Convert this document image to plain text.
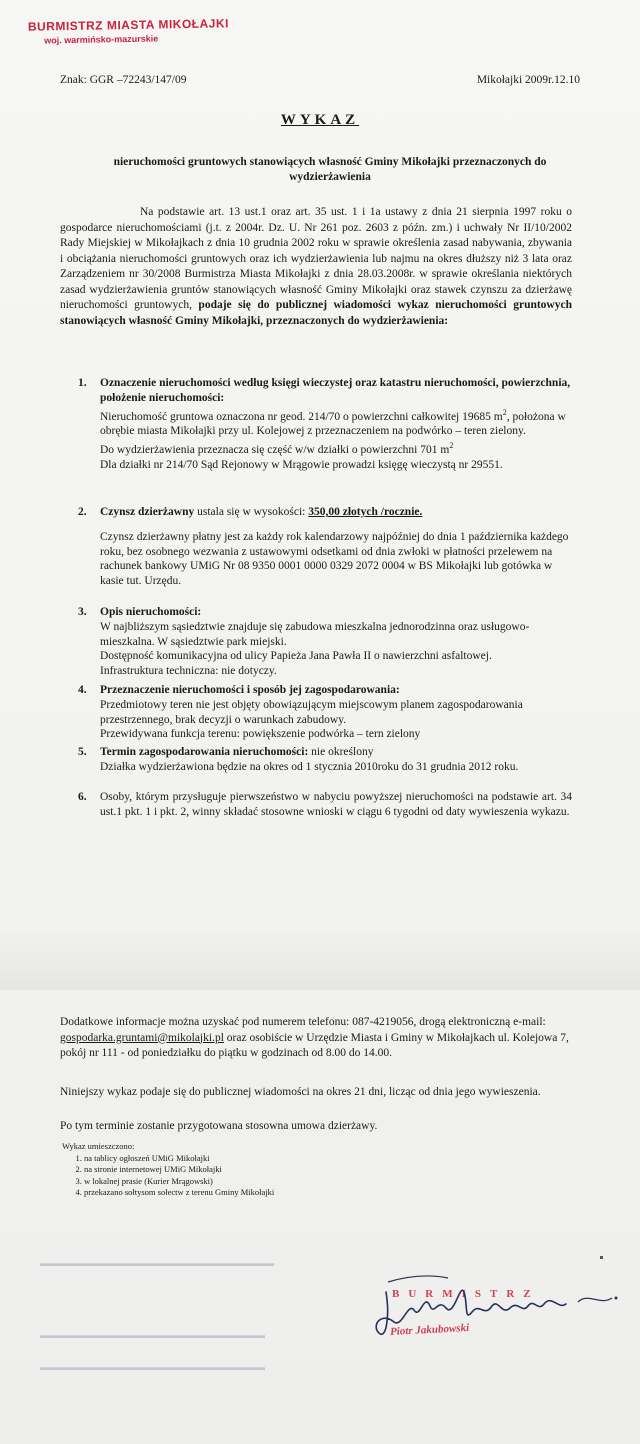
BURMISTRZ MIASTA MIKOŁAJKI
woj. warmińsko-mazurskie
Znak: GGR –72243/147/09	Mikołajki 2009r.12.10
WYKAZ
nieruchomości gruntowych stanowiących własność Gminy Mikołajki przeznaczonych do wydzierżawienia

Na podstawie art. 13 ust.1 oraz art. 35 ust. 1 i 1a ustawy z dnia 21 sierpnia 1997 roku o gospodarce nieruchomościami (j.t. z 2004r. Dz. U. Nr 261 poz. 2603 z późn. zm.) i uchwały Nr II/10/2002 Rady Miejskiej w Mikołajkach z dnia 10 grudnia 2002 roku w sprawie określenia zasad nabywania, zbywania i obciążania nieruchomości gruntowych oraz ich wydzierżawienia lub najmu na okres dłuższy niż 3 lata oraz Zarządzeniem nr 30/2008 Burmistrza Miasta Mikołajki z dnia 28.03.2008r. w sprawie określania niektórych zasad wydzierżawienia gruntów stanowiących własność Gminy Mikołajki oraz stawek czynszu za dzierżawę nieruchomości gruntowych, podaje się do publicznej wiadomości wykaz nieruchomości gruntowych stanowiących własność Gminy Mikołajki, przeznaczonych do wydzierżawienia:

1. Oznaczenie nieruchomości według księgi wieczystej oraz katastru nieruchomości, powierzchnia, położenie nieruchomości:

Nieruchomość gruntowa oznaczona nr geod. 214/70 o powierzchni całkowitej 19685 $m^2$, położona w obrębie miasta Mikołajki przy ul. Kolejowej z przeznaczeniem na podwórko – teren zielony.

Do wydzierżawienia przeznacza się część w/w działki o powierzchni 701 $m^2$

Dla działki nr 214/70 Sąd Rejonowy w Mrągowie prowadzi księgę wieczystą nr 29551.

2. Czynsz dzierżawny ustala się w wysokości: 350,00 złotych /rocznie.

Czynsz dzierżawny płatny jest za każdy rok kalendarzowy najpóźniej do dnia 1 października każdego roku, bez osobnego wezwania z ustawowymi odsetkami od dnia zwłoki w płatności przelewem na rachunek bankowy UMiG Nr 08 9350 0001 0000 0329 2072 0004 w BS Mikołajki lub gotówka w kasie tut. Urzędu.

3. Opis nieruchomości:

W najbliższym sąsiedztwie znajduje się zabudowa mieszkalna jednorodzinna oraz usługowo-mieszkalna. W sąsiedztwie park miejski.

Dostępność komunikacyjna od ulicy Papieża Jana Pawła II o nawierzchni asfaltowej.

Infrastruktura techniczna: nie dotyczy.

4. Przeznaczenie nieruchomości i sposób jej zagospodarowania:

Przedmiotowy teren nie jest objęty obowiązującym miejscowym planem zagospodarowania przestrzennego, brak decyzji o warunkach zabudowy.

Przewidywana funkcja terenu: powiększenie podwórka – tern zielony

5. Termin zagospodarowania nieruchomości: nie określony

Działka wydzierżawiona będzie na okres od 1 stycznia 2010roku do 31 grudnia 2012 roku.

6. Osoby, którym przysługuje pierwszeństwo w nabyciu powyższej nieruchomości na podstawie art. 34 ust.1 pkt. 1 i pkt. 2, winny składać stosowne wnioski w ciągu 6 tygodni od daty wywieszenia wykazu.

Dodatkowe informacje można uzyskać pod numerem telefonu: 087-4219056, drogą elektroniczną e-mail: gospodarka.gruntami@mikolajki.pl oraz osobiście w Urzędzie Miasta i Gminy w Mikołajkach ul. Kolejowa 7, pokój nr 111 - od poniedziałku do piątku w godzinach od 8.00 do 14.00.

Niniejszy wykaz podaje się do publicznej wiadomości na okres 21 dni, licząc od dnia jego wywieszenia.
Po tym terminie zostanie przygotowana stosowna umowa dzierżawy.
Wykaz umieszczono:
1. na tablicy ogłoszeń UMiG Mikołajki
2. na stronie internetowej UMiG Mikołajki
3. w lokalnej prasie (Kurier Mrągowski)
4. przekazano sołtysom sołectw z terenu Gminy Mikołajki
▬▬▬▬▬▬▬▬▬▬▬▬▬▬▬▬▬▬▬▬▬▬▬▬▬▬
▬▬▬▬▬▬▬▬▬▬▬▬▬▬▬▬▬▬▬▬▬▬▬▬▬
▬▬▬▬▬▬▬▬▬▬▬▬▬▬▬▬▬▬▬▬▬▬▬▬▬
BURMISTRZ
Piotr Jakubowski
